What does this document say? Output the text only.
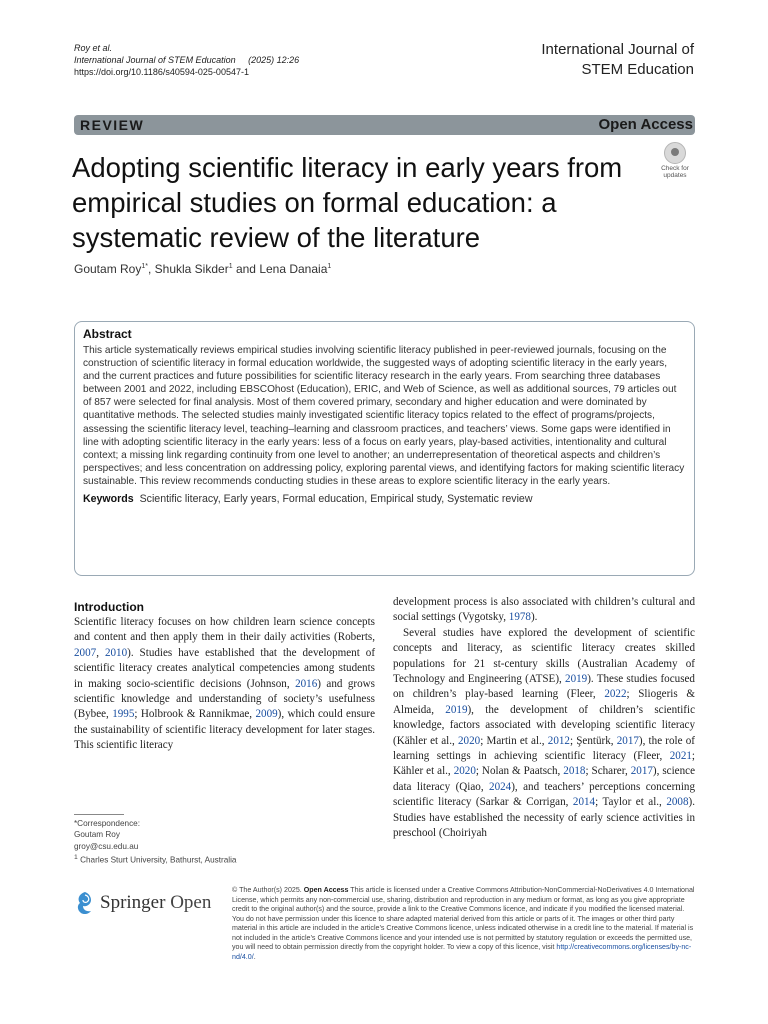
Roy et al.
International Journal of STEM Education (2025) 12:26
https://doi.org/10.1186/s40594-025-00547-1
International Journal of
STEM Education
REVIEW	Open Access
Adopting scientific literacy in early years from empirical studies on formal education: a systematic review of the literature
Check for
updates
Goutam Roy$^{1*}$, Shukla Sikder$^1$ and Lena Danaia$^1$
Abstract
This article systematically reviews empirical studies involving scientific literacy published in peer-reviewed journals, focusing on the construction of scientific literacy in formal education worldwide, the suggested ways of adopting scientific literacy in the early years, and the current practices and future possibilities for scientific literacy research in the early years. From searching three databases between 2001 and 2022, including EBSCOhost (Education), ERIC, and Web of Science, as well as additional sources, 79 articles out of 857 were selected for final analysis. Most of them covered primary, secondary and higher education and were dominated by quantitative methods. The selected studies mainly investigated scientific literacy topics related to the effect of programs/projects, assessing the scientific literacy level, teaching–learning and classroom practices, and teachers’ views. Some gaps were identified in line with adopting scientific literacy in the early years: less of a focus on early years, play-based activities, intentionality and cultural context; a missing link regarding continuity from one level to another; an underrepresentation of theoretical aspects and children’s perspectives; and less concentration on addressing policy, exploring parental views, and identifying factors for making scientific literacy sustainable. This review recommends conducting studies in these areas to explore scientific literacy in the early years.
Keywords Scientific literacy, Early years, Formal education, Empirical study, Systematic review
Introduction

Scientific literacy focuses on how children learn science concepts and content and then apply them in their daily activities (Roberts, 2007, 2010). Studies have established that the development of scientific literacy creates analytical competencies among students in making socio-scientific decisions (Johnson, 2016) and grows scientific knowledge and understanding of society’s usefulness (Bybee, 1995; Holbrook & Rannikmae, 2009), which could ensure the sustainability of scientific literacy development for later stages. This scientific literacy

development process is also associated with children’s cultural and social settings (Vygotsky, 1978).

Several studies have explored the development of scientific concepts and literacy, as scientific literacy creates skilled populations for 21 st-century skills (Australian Academy of Technology and Engineering (ATSE), 2019). These studies focused on children’s play-based learning (Fleer, 2022; Sliogeris & Almeida, 2019), the development of children’s scientific knowledge, factors associated with developing scientific literacy (Kähler et al., 2020; Martin et al., 2012; Şentürk, 2017), the role of learning settings in achieving scientific literacy (Fleer, 2021; Kähler et al., 2020; Nolan & Paatsch, 2018; Scharer, 2017), science data literacy (Qiao, 2024), and teachers’ perceptions concerning scientific literacy (Sarkar & Corrigan, 2014; Taylor et al., 2008). Studies have established the necessity of early science activities in preschool (Choiriyah

*Correspondence:
Goutam Roy
groy@csu.edu.au
$^1$ Charles Sturt University, Bathurst, Australia
Springer Open
© The Author(s) 2025. Open Access This article is licensed under a Creative Commons Attribution-NonCommercial-NoDerivatives 4.0 International License, which permits any non-commercial use, sharing, distribution and reproduction in any medium or format, as long as you give appropriate credit to the original author(s) and the source, provide a link to the Creative Commons licence, and indicate if you modified the licensed material. You do not have permission under this licence to share adapted material derived from this article or parts of it. The images or other third party material in this article are included in the article’s Creative Commons licence, unless indicated otherwise in a credit line to the material. If material is not included in the article’s Creative Commons licence and your intended use is not permitted by statutory regulation or exceeds the permitted use, you will need to obtain permission directly from the copyright holder. To view a copy of this licence, visit http://creativecommons.org/licenses/by-nc-nd/4.0/.
